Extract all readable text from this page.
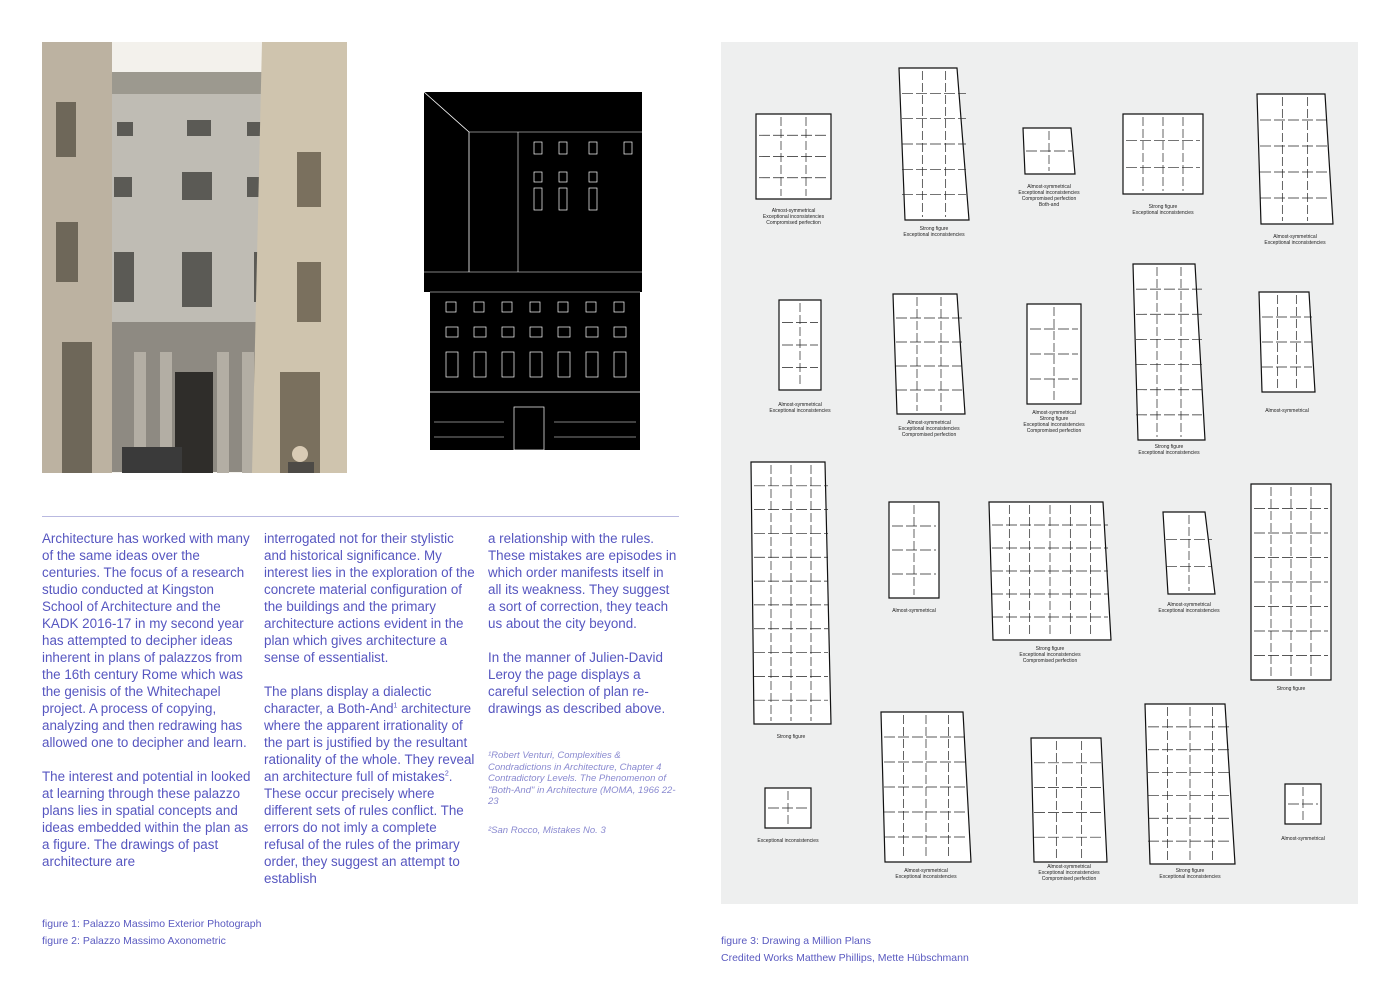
Architecture has worked with many of the same ideas over the centuries. The focus of a research studio conducted at Kingston School of Architecture and the KADK 2016-17 in my second year has attempted to decipher ideas inherent in plans of palazzos from the 16th century Rome which was the genisis of the Whitechapel project. A process of copying, analyzing and then redrawing has allowed one to decipher and learn.

The interest and potential in looked at learning through these palazzo plans lies in spatial concepts and ideas embedded within the plan as a figure. The drawings of past architecture are

interrogated not for their stylistic and historical significance. My interest lies in the exploration of the concrete material configuration of the buildings and the primary architecture actions evident in the plan which gives architecture a sense of essentialist.

The plans display a dialectic character, a Both-And$^1$ architecture where the apparent irrationality of the part is justified by the resultant rationality of the whole. They reveal an architecture full of mistakes$^2$. These occur precisely where different sets of rules conflict. The errors do not imly a complete refusal of the rules of the primary order, they suggest an attempt to establish

a relationship with the rules. These mistakes are episodes in which order manifests itself in all its weakness. They suggest a sort of correction, they teach us about the city beyond.

In the manner of Julien-David Leroy the page displays a careful selection of plan re-drawings as described above.

¹Robert Venturi, Complexities & Condradictions in Architecture, Chapter 4 Contradictory Levels. The Phenomenon of "Both-And" in Architecture (MOMA, 1966 22-23

²San Rocco, Mistakes No. 3

figure 1: Palazzo Massimo Exterior Photograph
figure 2: Palazzo Massimo Axonometric	figure 3: Drawing a Million Plans
Credited Works Matthew Phillips, Mette Hübschmann
Almost-symmetrical
Exceptional inconsistencies
Compromised perfection
Strong figure
Exceptional inconsistencies
Almost-symmetrical
Exceptional inconsistencies
Compromised perfection
Both-and	Strong figure
Exceptional inconsistencies
Almost-symmetrical
Exceptional inconsistencies
Almost-symmetrical
Exceptional inconsistencies
Almost-symmetrical
Exceptional inconsistencies
Compromised perfection
Almost-symmetrical
Strong figure
Exceptional inconsistencies
Compromised perfection
Strong figure
Exceptional inconsistencies
Almost-symmetrical
Strong figure
Almost-symmetrical
Strong figure
Exceptional inconsistencies
Compromised perfection
Almost-symmetrical
Exceptional inconsistencies
Strong figure
Exceptional inconsistencies
Almost-symmetrical
Exceptional inconsistencies
Almost-symmetrical
Exceptional inconsistencies
Compromised perfection
Strong figure
Exceptional inconsistencies
Almost-symmetrical
